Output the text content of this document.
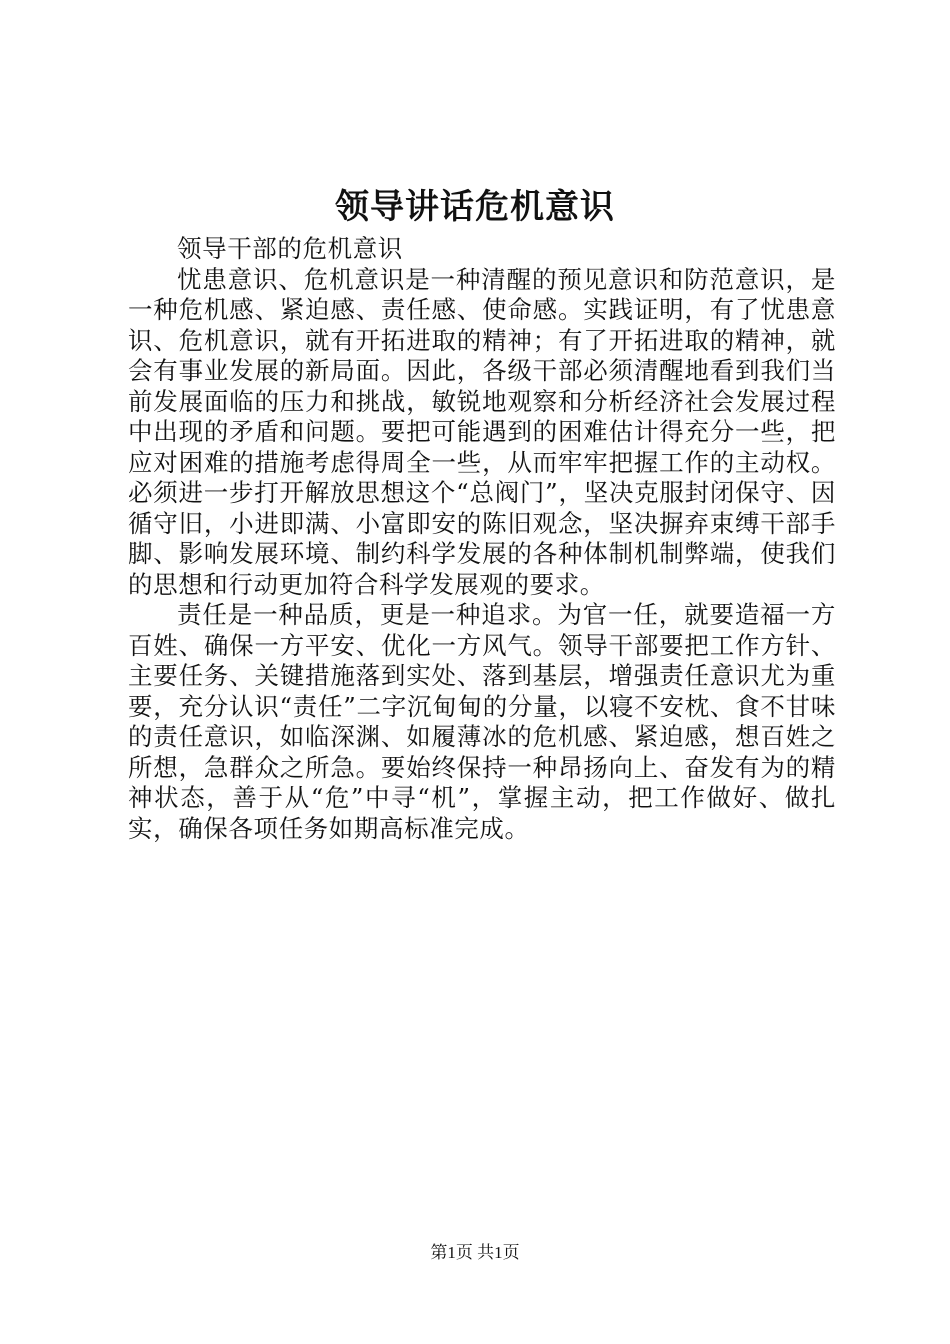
领导讲话危机意识

领导干部的危机意识

忧患意识、危机意识是一种清醒的预见意识和防范意识，是一种危机感、紧迫感、责任感、使命感。实践证明，有了忧患意识、危机意识，就有开拓进取的精神；有了开拓进取的精神，就会有事业发展的新局面。因此，各级干部必须清醒地看到我们当前发展面临的压力和挑战，敏锐地观察和分析经济社会发展过程中出现的矛盾和问题。要把可能遇到的困难估计得充分一些，把应对困难的措施考虑得周全一些，从而牢牢把握工作的主动权。必须进一步打开解放思想这个“总阀门”，坚决克服封闭保守、因循守旧，小进即满、小富即安的陈旧观念，坚决摒弃束缚干部手脚、影响发展环境、制约科学发展的各种体制机制弊端，使我们的思想和行动更加符合科学发展观的要求。

责任是一种品质，更是一种追求。为官一任，就要造福一方百姓、确保一方平安、优化一方风气。领导干部要把工作方针、主要任务、关键措施落到实处、落到基层，增强责任意识尤为重要，充分认识“责任”二字沉甸甸的分量，以寝不安枕、食不甘味的责任意识，如临深渊、如履薄冰的危机感、紧迫感，想百姓之所想，急群众之所急。要始终保持一种昂扬向上、奋发有为的精神状态，善于从“危”中寻“机”，掌握主动，把工作做好、做扎实，确保各项任务如期高标准完成。

第1页 共1页
